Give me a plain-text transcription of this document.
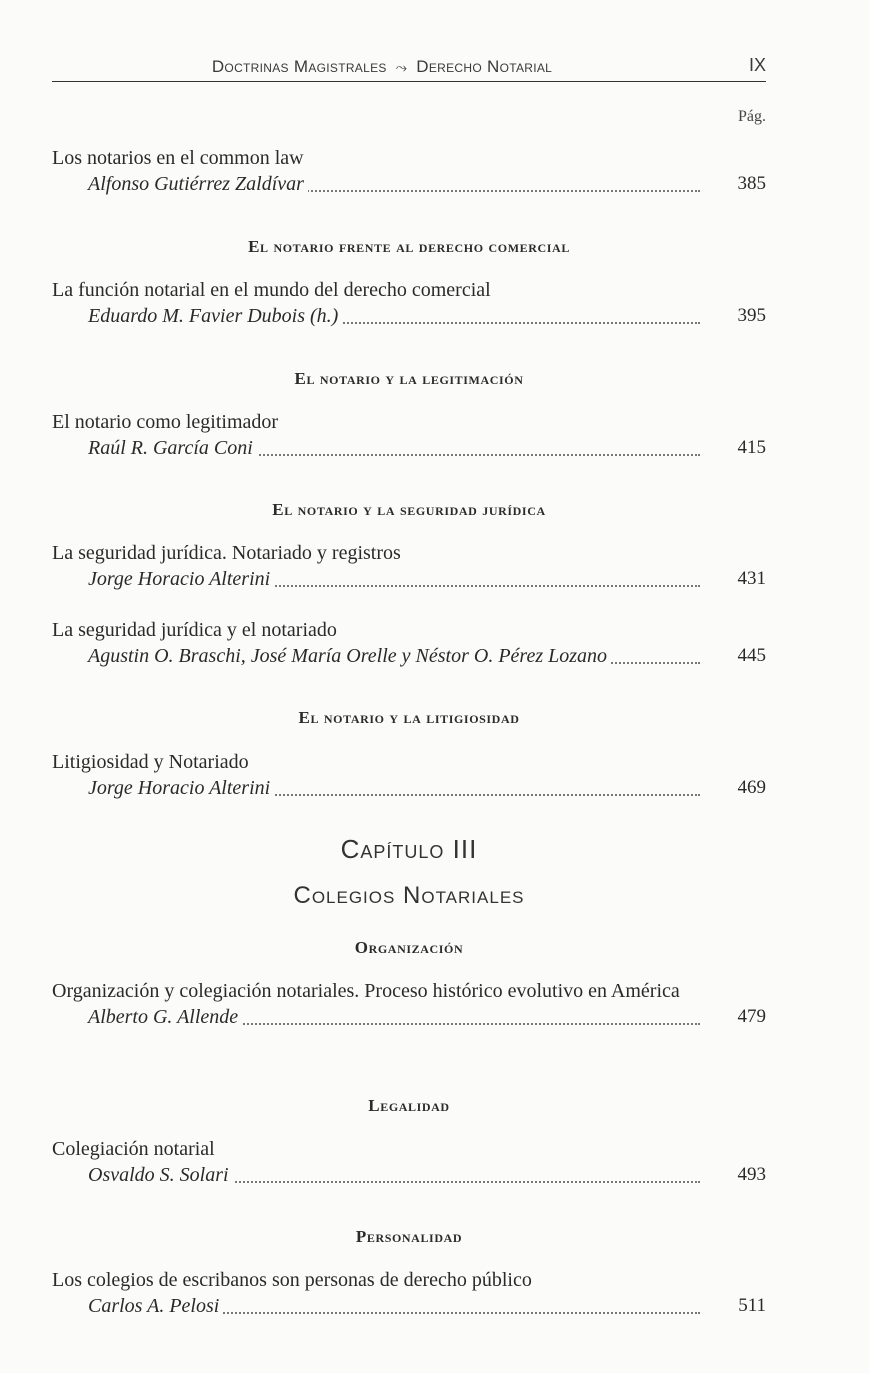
Doctrinas Magistrales ⤳ Derecho Notarial	IX
Pág.
Los notarios en el common law
Alfonso Gutiérrez Zaldívar	385
El notario frente al derecho comercial
La función notarial en el mundo del derecho comercial
Eduardo M. Favier Dubois (h.)	395
El notario y la legitimación
El notario como legitimador
Raúl R. García Coni	415
El notario y la seguridad jurídica
La seguridad jurídica. Notariado y registros
Jorge Horacio Alterini	431
La seguridad jurídica y el notariado
Agustin O. Braschi, José María Orelle y Néstor O. Pérez Lozano	445
El notario y la litigiosidad
Litigiosidad y Notariado
Jorge Horacio Alterini	469
Capítulo III
Colegios Notariales
Organización
Organización y colegiación notariales. Proceso histórico evolutivo en América
Alberto G. Allende	479
Legalidad
Colegiación notarial
Osvaldo S. Solari	493
Personalidad
Los colegios de escribanos son personas de derecho público
Carlos A. Pelosi	511
